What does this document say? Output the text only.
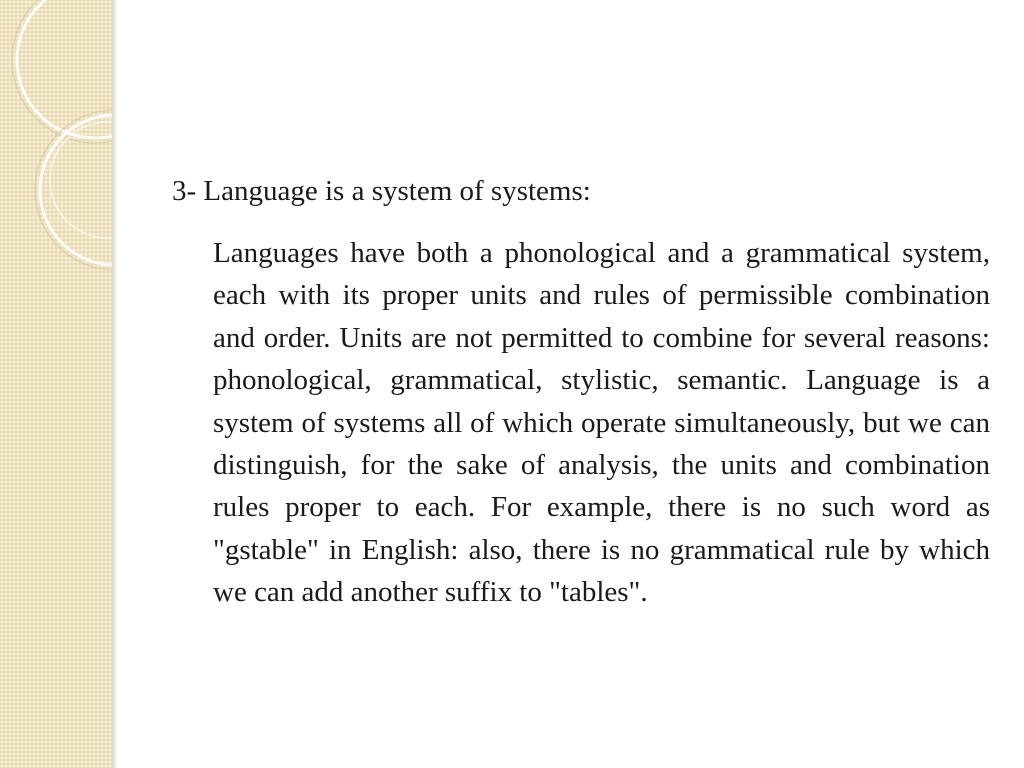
3- Language is a system of systems:

Languages have both a phonological and a grammatical system, each with its proper units and rules of permissible combination and order. Units are not permitted to combine for several reasons: phonological, grammatical, stylistic, semantic. Language is a system of systems all of which operate simultaneously, but we can distinguish, for the sake of analysis, the units and combination rules proper to each. For example, there is no such word as "gstable" in English: also, there is no grammatical rule by which we can add another suffix to "tables".
